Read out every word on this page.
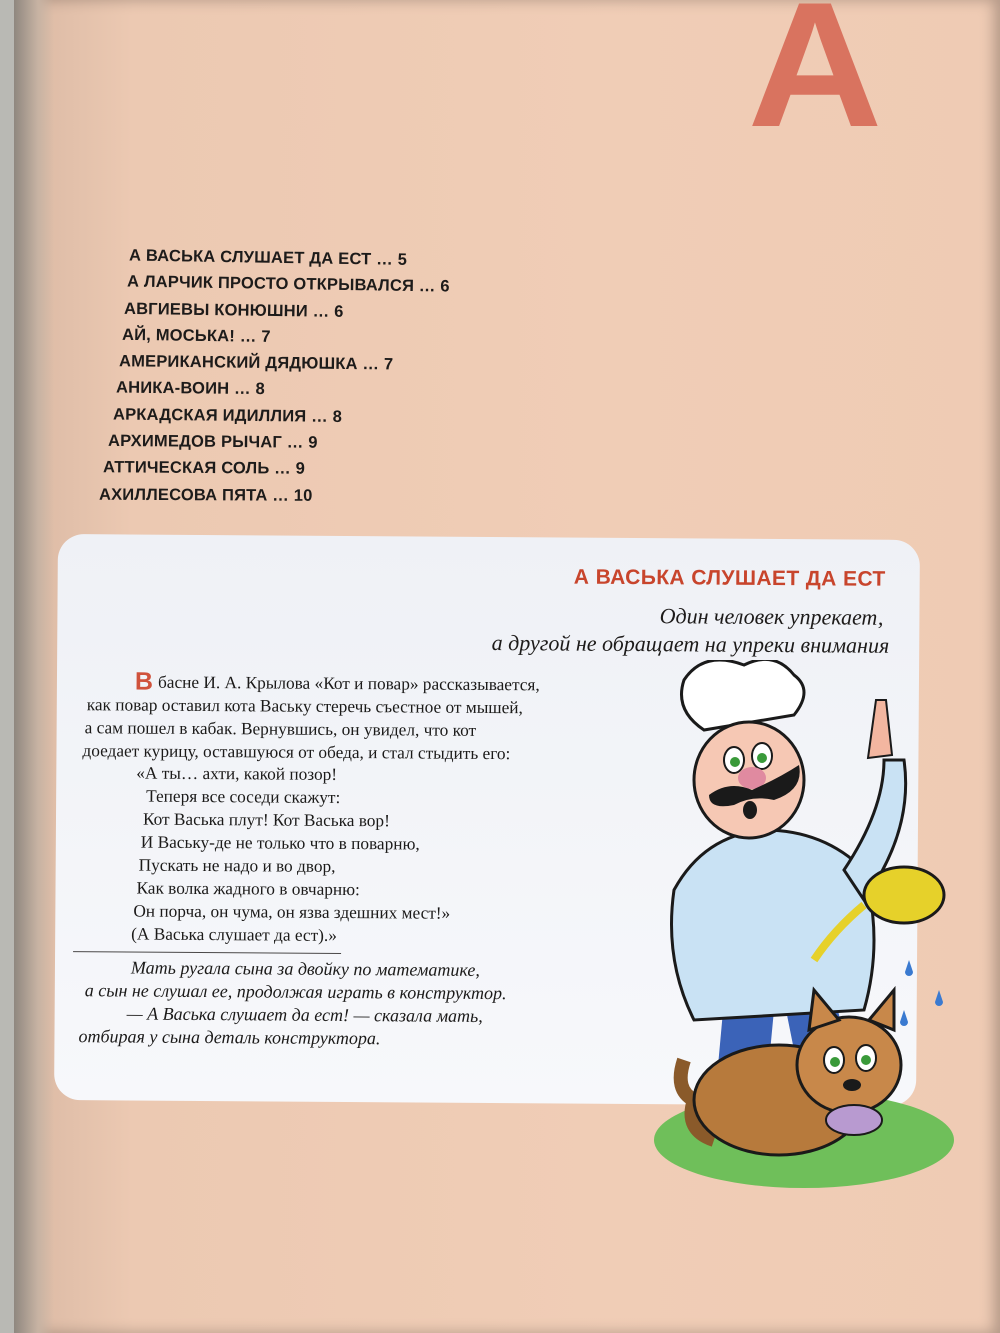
А
А ВАСЬКА СЛУШАЕТ ДА ЕСТ … 5
А ЛАРЧИК ПРОСТО ОТКРЫВАЛСЯ … 6
АВГИЕВЫ КОНЮШНИ … 6
АЙ, МОСЬКА! … 7
АМЕРИКАНСКИЙ ДЯДЮШКА … 7
АНИКА-ВОИН … 8
АРКАДСКАЯ ИДИЛЛИЯ … 8
АРХИМЕДОВ РЫЧАГ … 9
АТТИЧЕСКАЯ СОЛЬ … 9
АХИЛЛЕСОВА ПЯТА … 10
А ВАСЬКА СЛУШАЕТ ДА ЕСТ
Один человек упрекает,
а другой не обращает на упреки внимания
В басне И. А. Крылова «Кот и повар» рассказывается,
как повар оставил кота Ваську стеречь съестное от мышей,
а сам пошел в кабак. Вернувшись, он увидел, что кот
доедает курицу, оставшуюся от обеда, и стал стыдить его:
«А ты… ахти, какой позор!
Теперя все соседи скажут:
Кот Васька плут! Кот Васька вор!
И Ваську-де не только что в поварню,
Пускать не надо и во двор,
Как волка жадного в овчарню:
Он порча, он чума, он язва здешних мест!»
(А Васька слушает да ест).»
Мать ругала сына за двойку по математике,
а сын не слушал ее, продолжая играть в конструктор.
— А Васька слушает да ест! — сказала мать,
отбирая у сына деталь конструктора.
